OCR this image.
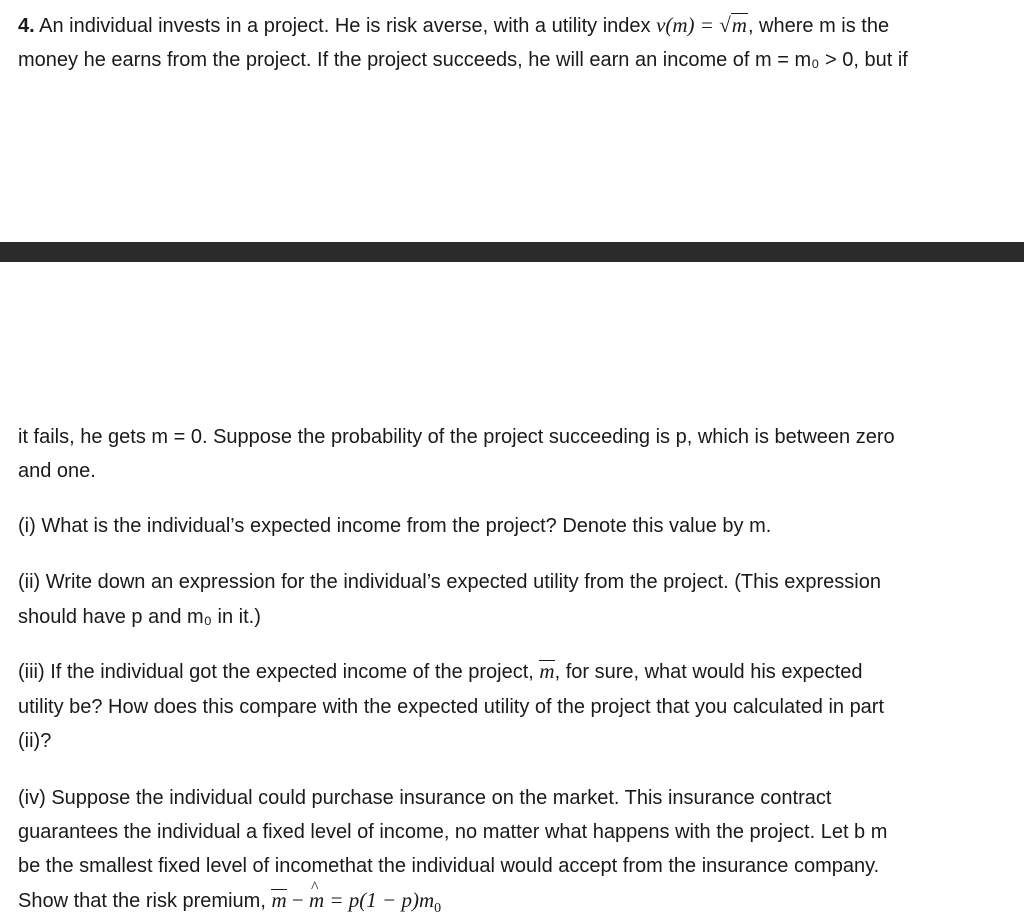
4. An individual invests in a project. He is risk averse, with a utility index v(m) = √m, where m is the
money he earns from the project. If the project succeeds, he will earn an income of m = m₀ > 0, but if
it fails, he gets m = 0. Suppose the probability of the project succeeding is p, which is between zero
and one.
(i) What is the individual’s expected income from the project? Denote this value by m.
(ii) Write down an expression for the individual’s expected utility from the project. (This expression
should have p and m₀ in it.)
(iii) If the individual got the expected income of the project, m, for sure, what would his expected
utility be? How does this compare with the expected utility of the project that you calculated in part
(ii)?
(iv) Suppose the individual could purchase insurance on the market. This insurance contract
guarantees the individual a fixed level of income, no matter what happens with the project. Let b m
be the smallest fixed level of incomethat the individual would accept from the insurance company.
Show that the risk premium, m − ^ $m = p(1 - p)m_0$
